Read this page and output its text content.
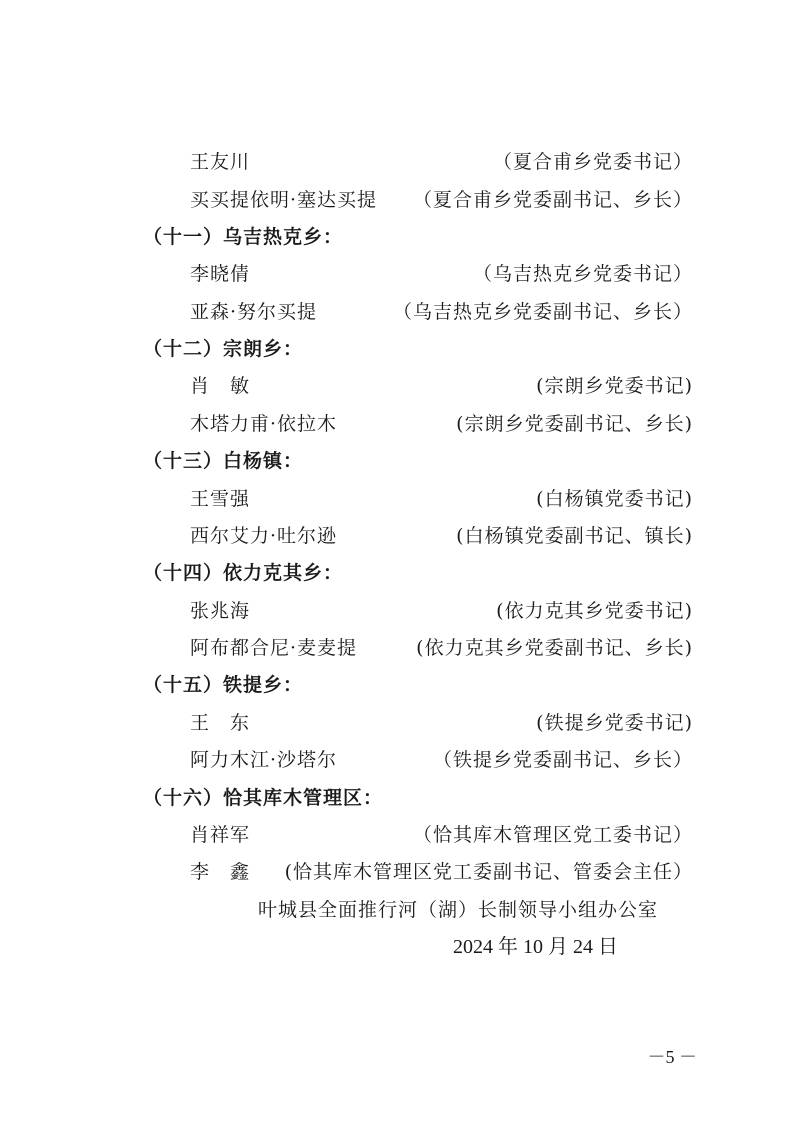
王友川	（夏合甫乡党委书记）
买买提依明·塞达买提 （夏合甫乡党委副书记、乡长）
（十一）乌吉热克乡：
李晓倩	（乌吉热克乡党委书记）
亚森·努尔买提	（乌吉热克乡党委副书记、乡长）
（十二）宗朗乡：
肖　敏	(宗朗乡党委书记)
木塔力甫·依拉木	(宗朗乡党委副书记、乡长)
（十三）白杨镇：
王雪强	(白杨镇党委书记)
西尔艾力·吐尔逊	(白杨镇党委副书记、镇长)
（十四）依力克其乡：
张兆海	(依力克其乡党委书记)
阿布都合尼·麦麦提	(依力克其乡党委副书记、乡长)
（十五）铁提乡：
王　东	(铁提乡党委书记)
阿力木江·沙塔尔	（铁提乡党委副书记、乡长）
（十六）恰其库木管理区：
肖祥军	（恰其库木管理区党工委书记）
李　鑫 (恰其库木管理区党工委副书记、管委会主任）
叶城县全面推行河（湖）长制领导小组办公室
2024 年 10 月 24 日
－5 －
